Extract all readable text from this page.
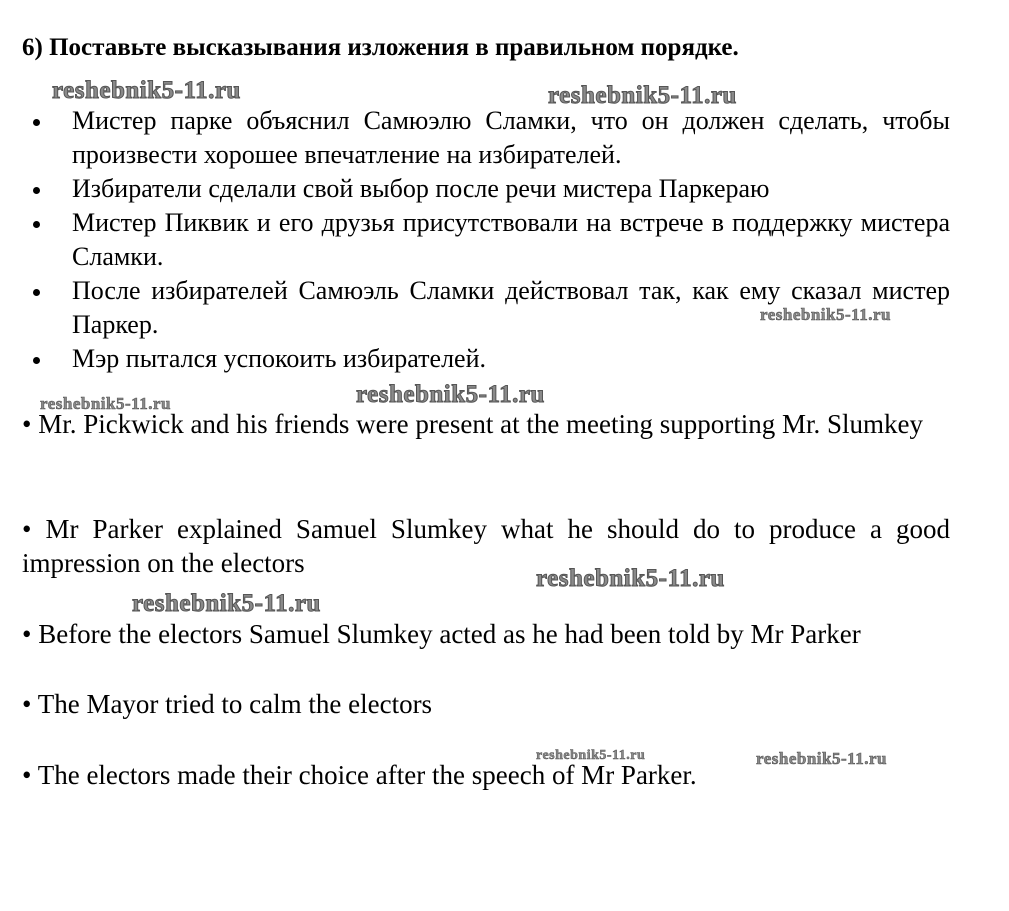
6) Поставьте высказывания изложения в правильном порядке.
reshebnik5-11.ru	reshebnik5-11.ru
Мистер парке объяснил Самюэлю Сламки, что он должен сделать, чтобы произвести хорошее впечатление на избирателей.
Избиратели сделали свой выбор после речи мистера Паркераю
Мистер Пиквик и его друзья присутствовали на встрече в поддержку мистера Сламки.
После избирателей Самюэль Сламки действовал так, как ему сказал мистер Паркер.
Мэр пытался успокоить избирателей.
reshebnik5-11.ru
reshebnik5-11.ru	reshebnik5-11.ru

• Mr. Pickwick and his friends were present at the meeting supporting Mr. Slumkey

• Mr Parker explained Samuel Slumkey what he should do to produce a good impression on the electors

reshebnik5-11.ru
reshebnik5-11.ru

• Before the electors Samuel Slumkey acted as he had been told by Mr Parker

• The Mayor tried to calm the electors

reshebnik5-11.ru	reshebnik5-11.ru

• The electors made their choice after the speech of Mr Parker.
